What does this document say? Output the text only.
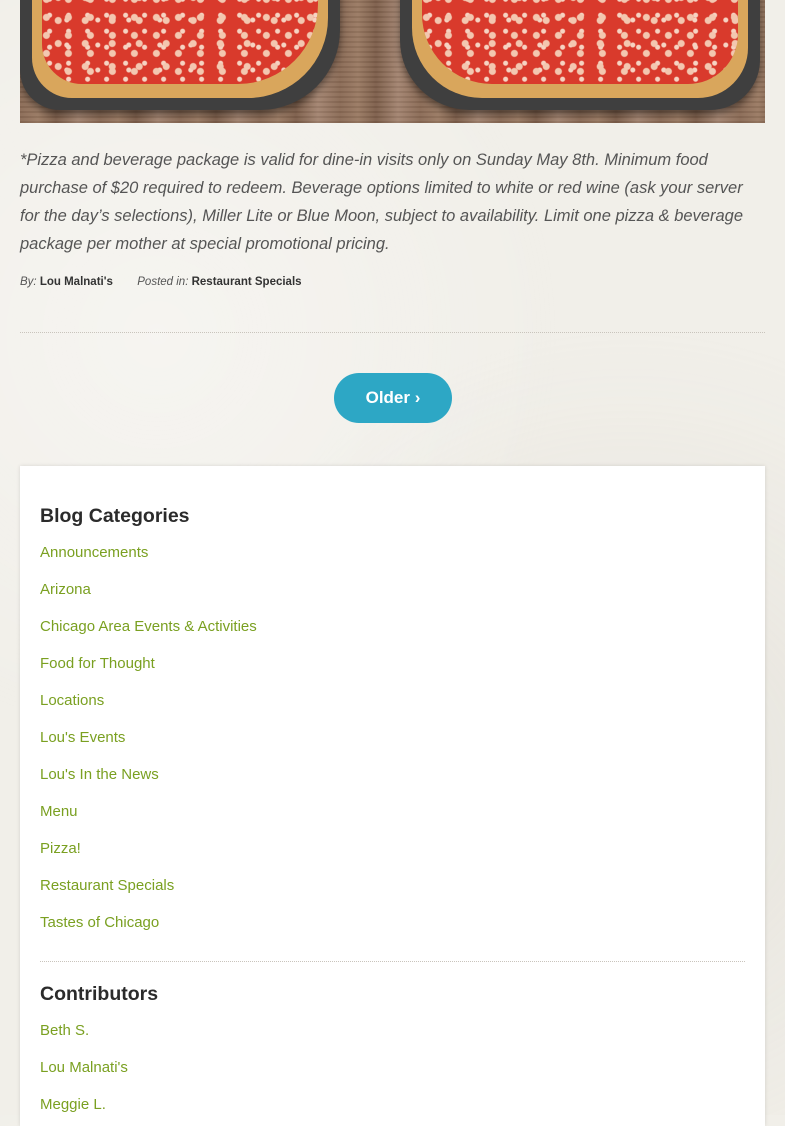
*Pizza and beverage package is valid for dine-in visits only on Sunday May 8th. Minimum food purchase of $20 required to redeem. Beverage options limited to white or red wine (ask your server for the day’s selections), Miller Lite or Blue Moon, subject to availability. Limit one pizza & beverage package per mother at special promotional pricing.

By: Lou Malnati's Posted in: Restaurant Specials
Older ›
Blog Categories
Announcements
Arizona
Chicago Area Events & Activities
Food for Thought
Locations
Lou's Events
Lou's In the News
Menu
Pizza!
Restaurant Specials
Tastes of Chicago
Contributors
Beth S.
Lou Malnati's
Meggie L.
